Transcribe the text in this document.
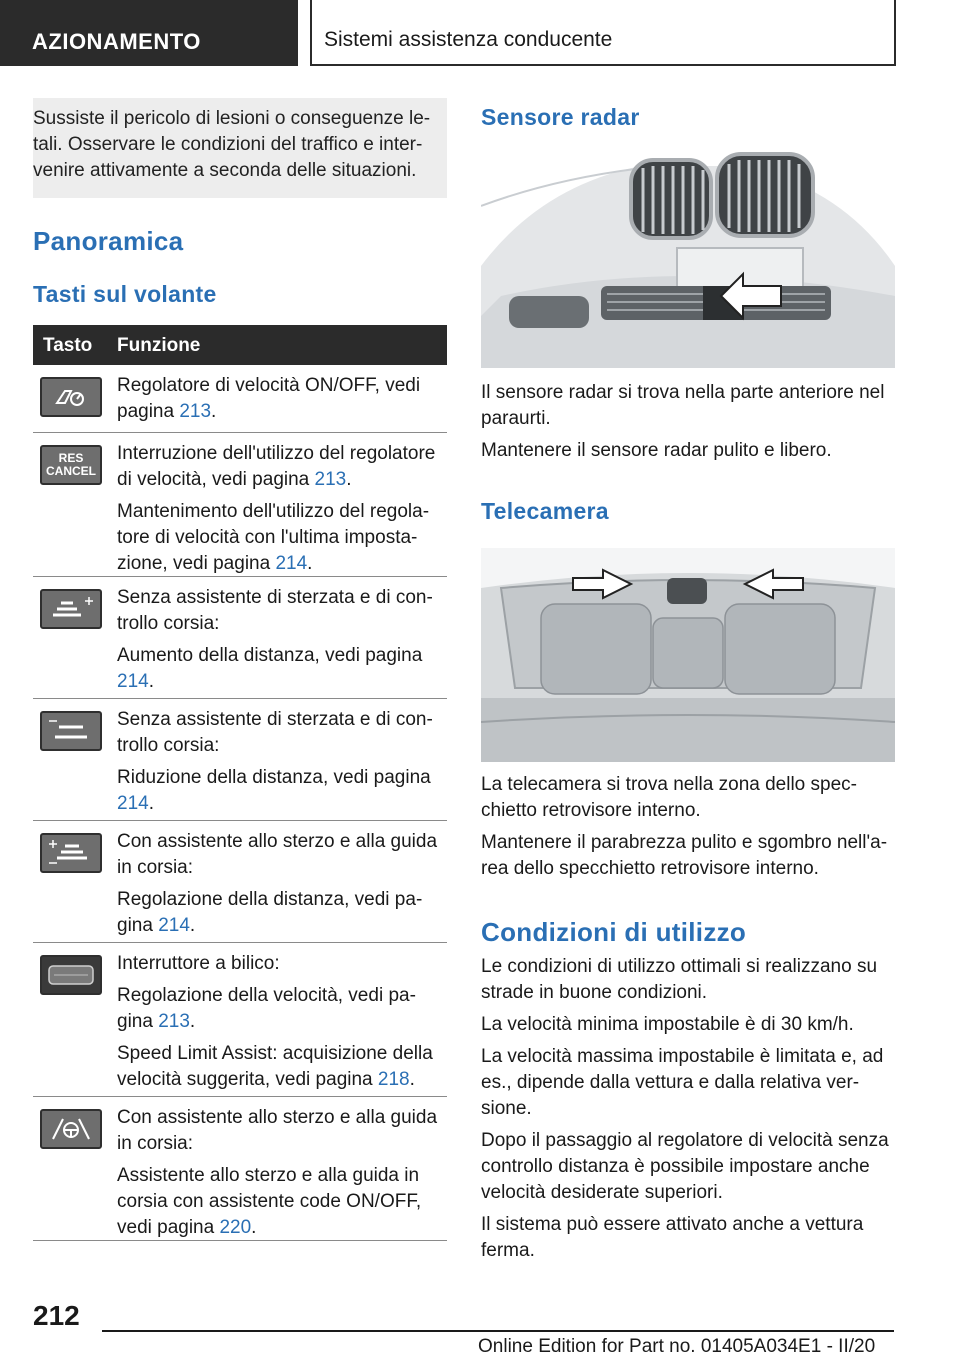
AZIONAMENTO	Sistemi assistenza conducente

Sussiste il pericolo di lesioni o conseguenze le-

tali. Osservare le condizioni del traffico e inter-

venire attivamente a seconda delle situazioni.

Panoramica
Tasti sul volante
Tasto Funzione

Regolatore di velocità ON/OFF, vedi pagina 213.

RES
CANCEL

Interruzione dell'utilizzo del regolatore di velocità, vedi pagina 213.

Mantenimento dell'utilizzo del regolatore di velocità con l'ultima impostazione, vedi pagina 214.

Senza assistente di sterzata e di controllo corsia:

Aumento della distanza, vedi pagina 214.

Senza assistente di sterzata e di controllo corsia:

Riduzione della distanza, vedi pagina 214.

Con assistente allo sterzo e alla guida in corsia:

Regolazione della distanza, vedi pagina 214.

Interruttore a bilico:

Regolazione della velocità, vedi pagina 213.

Speed Limit Assist: acquisizione della velocità suggerita, vedi pagina 218.

Con assistente allo sterzo e alla guida in corsia:

Assistente allo sterzo e alla guida in corsia con assistente code ON/OFF, vedi pagina 220.

Sensore radar

Il sensore radar si trova nella parte anteriore nel paraurti.

Mantenere il sensore radar pulito e libero.

Telecamera

La telecamera si trova nella zona dello specchietto retrovisore interno.

Mantenere il parabrezza pulito e sgombro nell'area dello specchietto retrovisore interno.

Condizioni di utilizzo

Le condizioni di utilizzo ottimali si realizzano su strade in buone condizioni.

La velocità minima impostabile è di 30 km/h.

La velocità massima impostabile è limitata e, ad es., dipende dalla vettura e dalla relativa versione.

Dopo il passaggio al regolatore di velocità senza controllo distanza è possibile impostare anche velocità desiderate superiori.

Il sistema può essere attivato anche a vettura ferma.

212
Online Edition for Part no. 01405A034E1 - II/20
